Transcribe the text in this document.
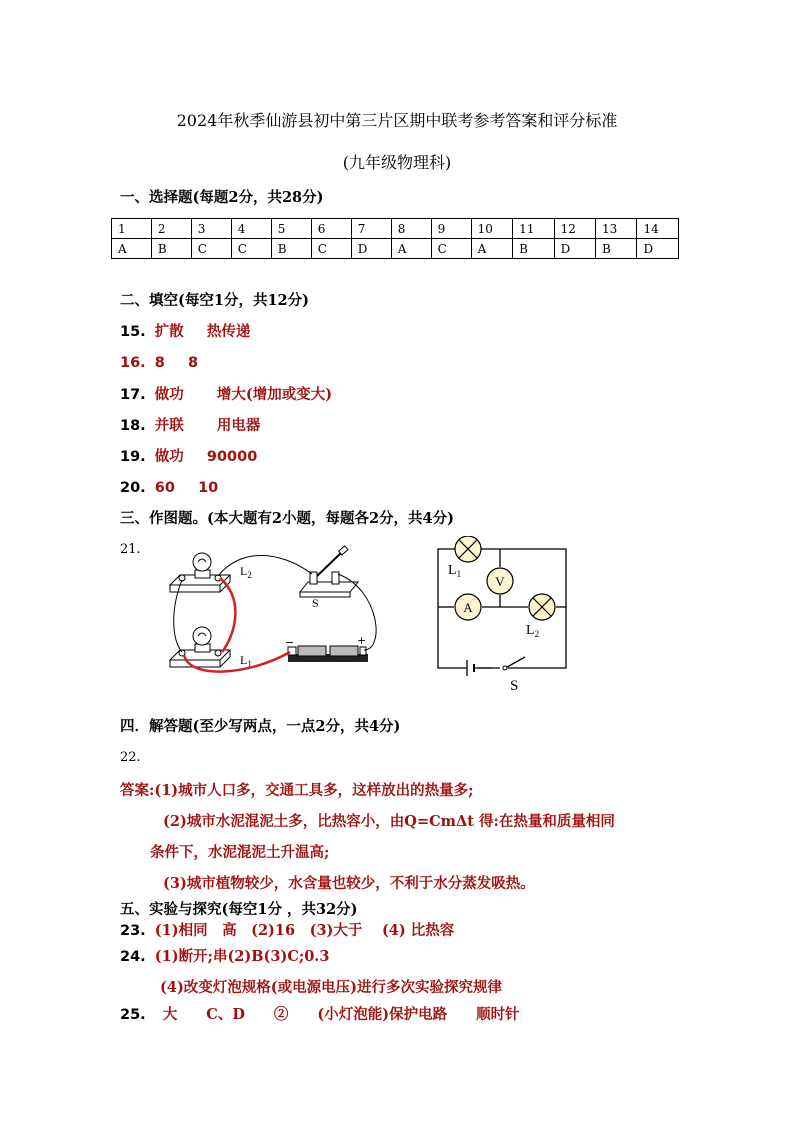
2024年秋季仙游县初中第三片区期中联考参考答案和评分标准
(九年级物理科)
一、选择题(每题2分，共28分)
1	2	3	4	5	6	7	8	9	10	11	12	13	14
A	B	C	C	B	C	D	A	C	A	B	D	B	D
二、填空(每空1分，共12分)
15. 扩散 热传递
16. 8 8
17. 做功 增大(增加或变大)
18. 并联 用电器
19. 做功 90000
20. 60 10
三、作图题。(本大题有2小题，每题各2分，共4分)
21.
$L_2$
$L_1$
S
−	+
V
A
$L_1$
$L_2$
S
四．解答题(至少写两点，一点2分，共4分)
22.
答案:(1)城市人口多，交通工具多，这样放出的热量多;
(2)城市水泥混泥土多，比热容小，由Q=CmΔt 得:在热量和质量相同
条件下，水泥混泥土升温高;
(3)城市植物较少，水含量也较少，不利于水分蒸发吸热。
五、实验与探究(每空1分 ，共32分)
23. (1)相同　高　(2)16　(3)大于　 (4) 比热容
24. (1)断开;串(2)B(3)C;0.3
(4)改变灯泡规格(或电源电压)进行多次实验探究规律
25. 大　　C、D　　②　　(小灯泡能)保护电路　　顺时针
